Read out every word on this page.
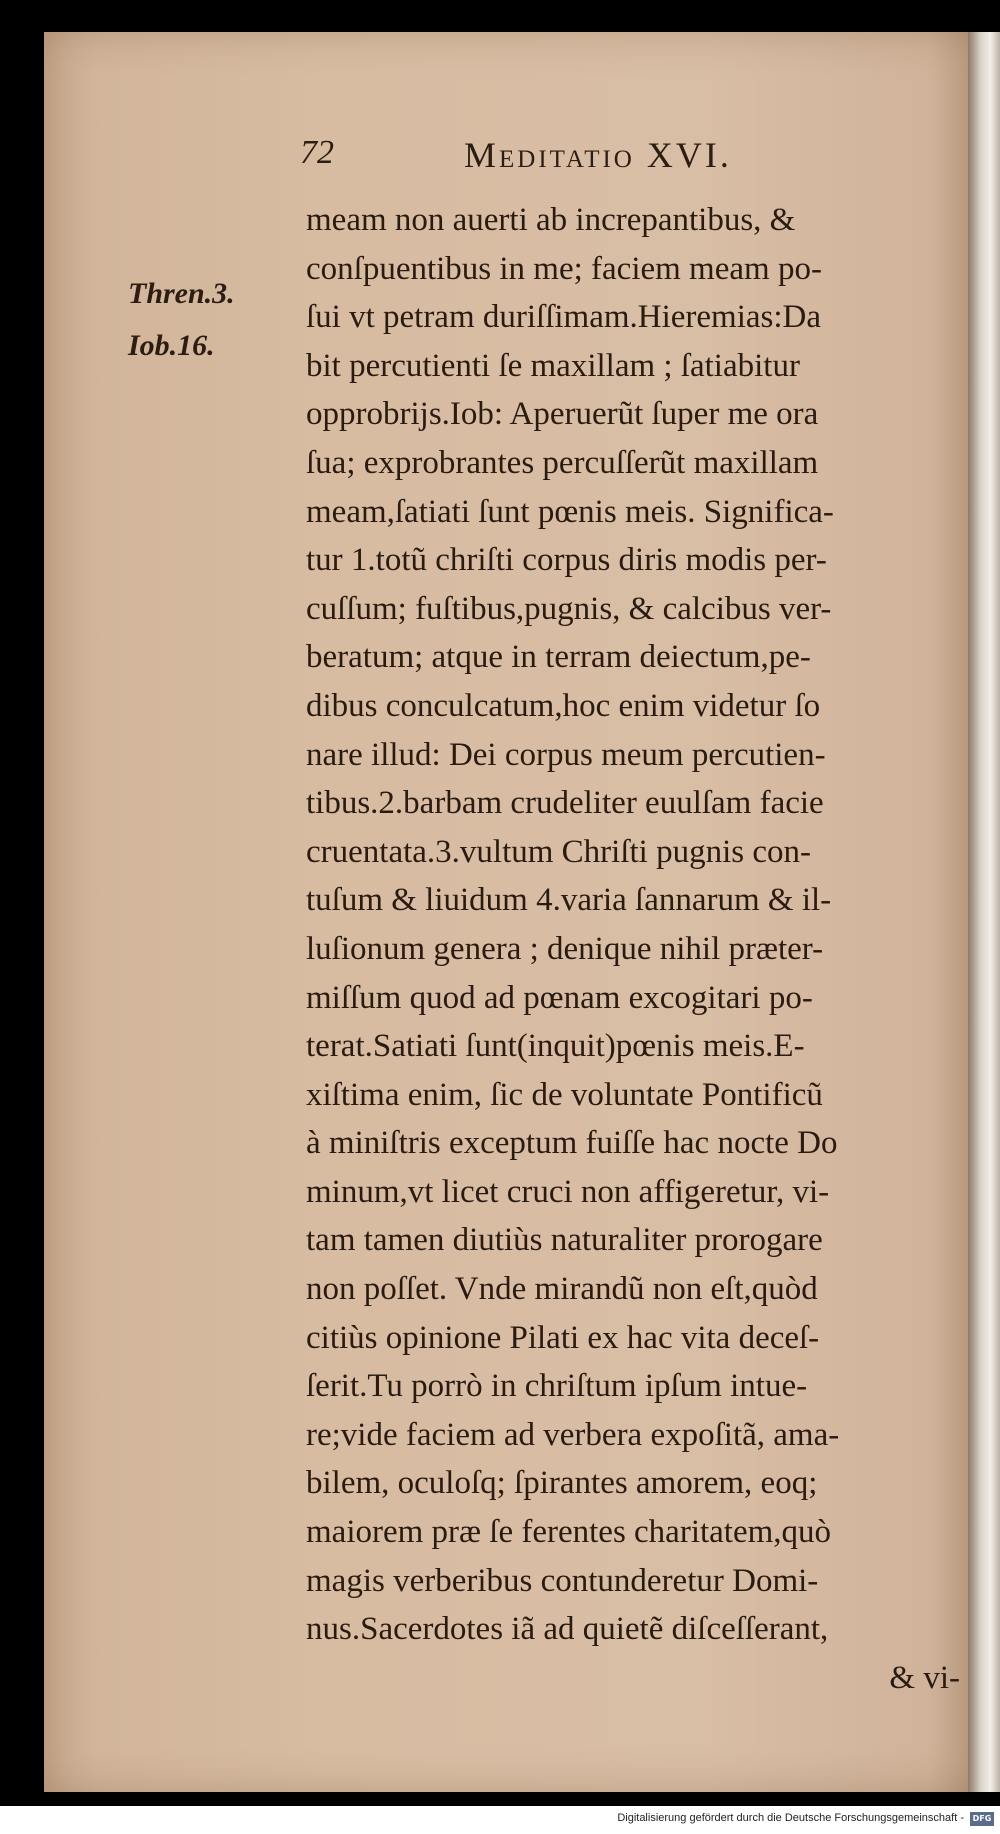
72	Meditatio XVI.
Thren.3.
Iob.16.
meam non auerti ab increpantibus, &
conſpuentibus in me; faciem meam po-
ſui vt petram duriſſimam.Hieremias:Da
bit percutienti ſe maxillam ; ſatiabitur
opprobrijs.Iob: Aperuerũt ſuper me ora
ſua; exprobrantes percuſſerũt maxillam
meam,ſatiati ſunt pœnis meis. Significa-
tur 1.totũ chriſti corpus diris modis per-
cuſſum; fuſtibus,pugnis, & calcibus ver-
beratum; atque in terram deiectum,pe-
dibus conculcatum,hoc enim videtur ſo
nare illud: Dei corpus meum percutien-
tibus.2.barbam crudeliter euulſam facie
cruentata.3.vultum Chriſti pugnis con-
tuſum & liuidum 4.varia ſannarum & il-
luſionum genera ; denique nihil præter-
miſſum quod ad pœnam excogitari po-
terat.Satiati ſunt(inquit)pœnis meis.E-
xiſtima enim, ſic de voluntate Pontificũ
à miniſtris exceptum fuiſſe hac nocte Do
minum,vt licet cruci non affigeretur, vi-
tam tamen diutiùs naturaliter prorogare
non poſſet. Vnde mirandũ non eſt,quòd
citiùs opinione Pilati ex hac vita deceſ-
ſerit.Tu porrò in chriſtum ipſum intue-
re;vide faciem ad verbera expoſitã, ama-
bilem, oculoſq; ſpirantes amorem, eoq;
maiorem præ ſe ferentes charitatem,quò
magis verberibus contunderetur Domi-
nus.Sacerdotes iã ad quietẽ diſceſſerant,
& vi-
Digitalisierung gefördert durch die Deutsche Forschungsgemeinschaft -	DFG
